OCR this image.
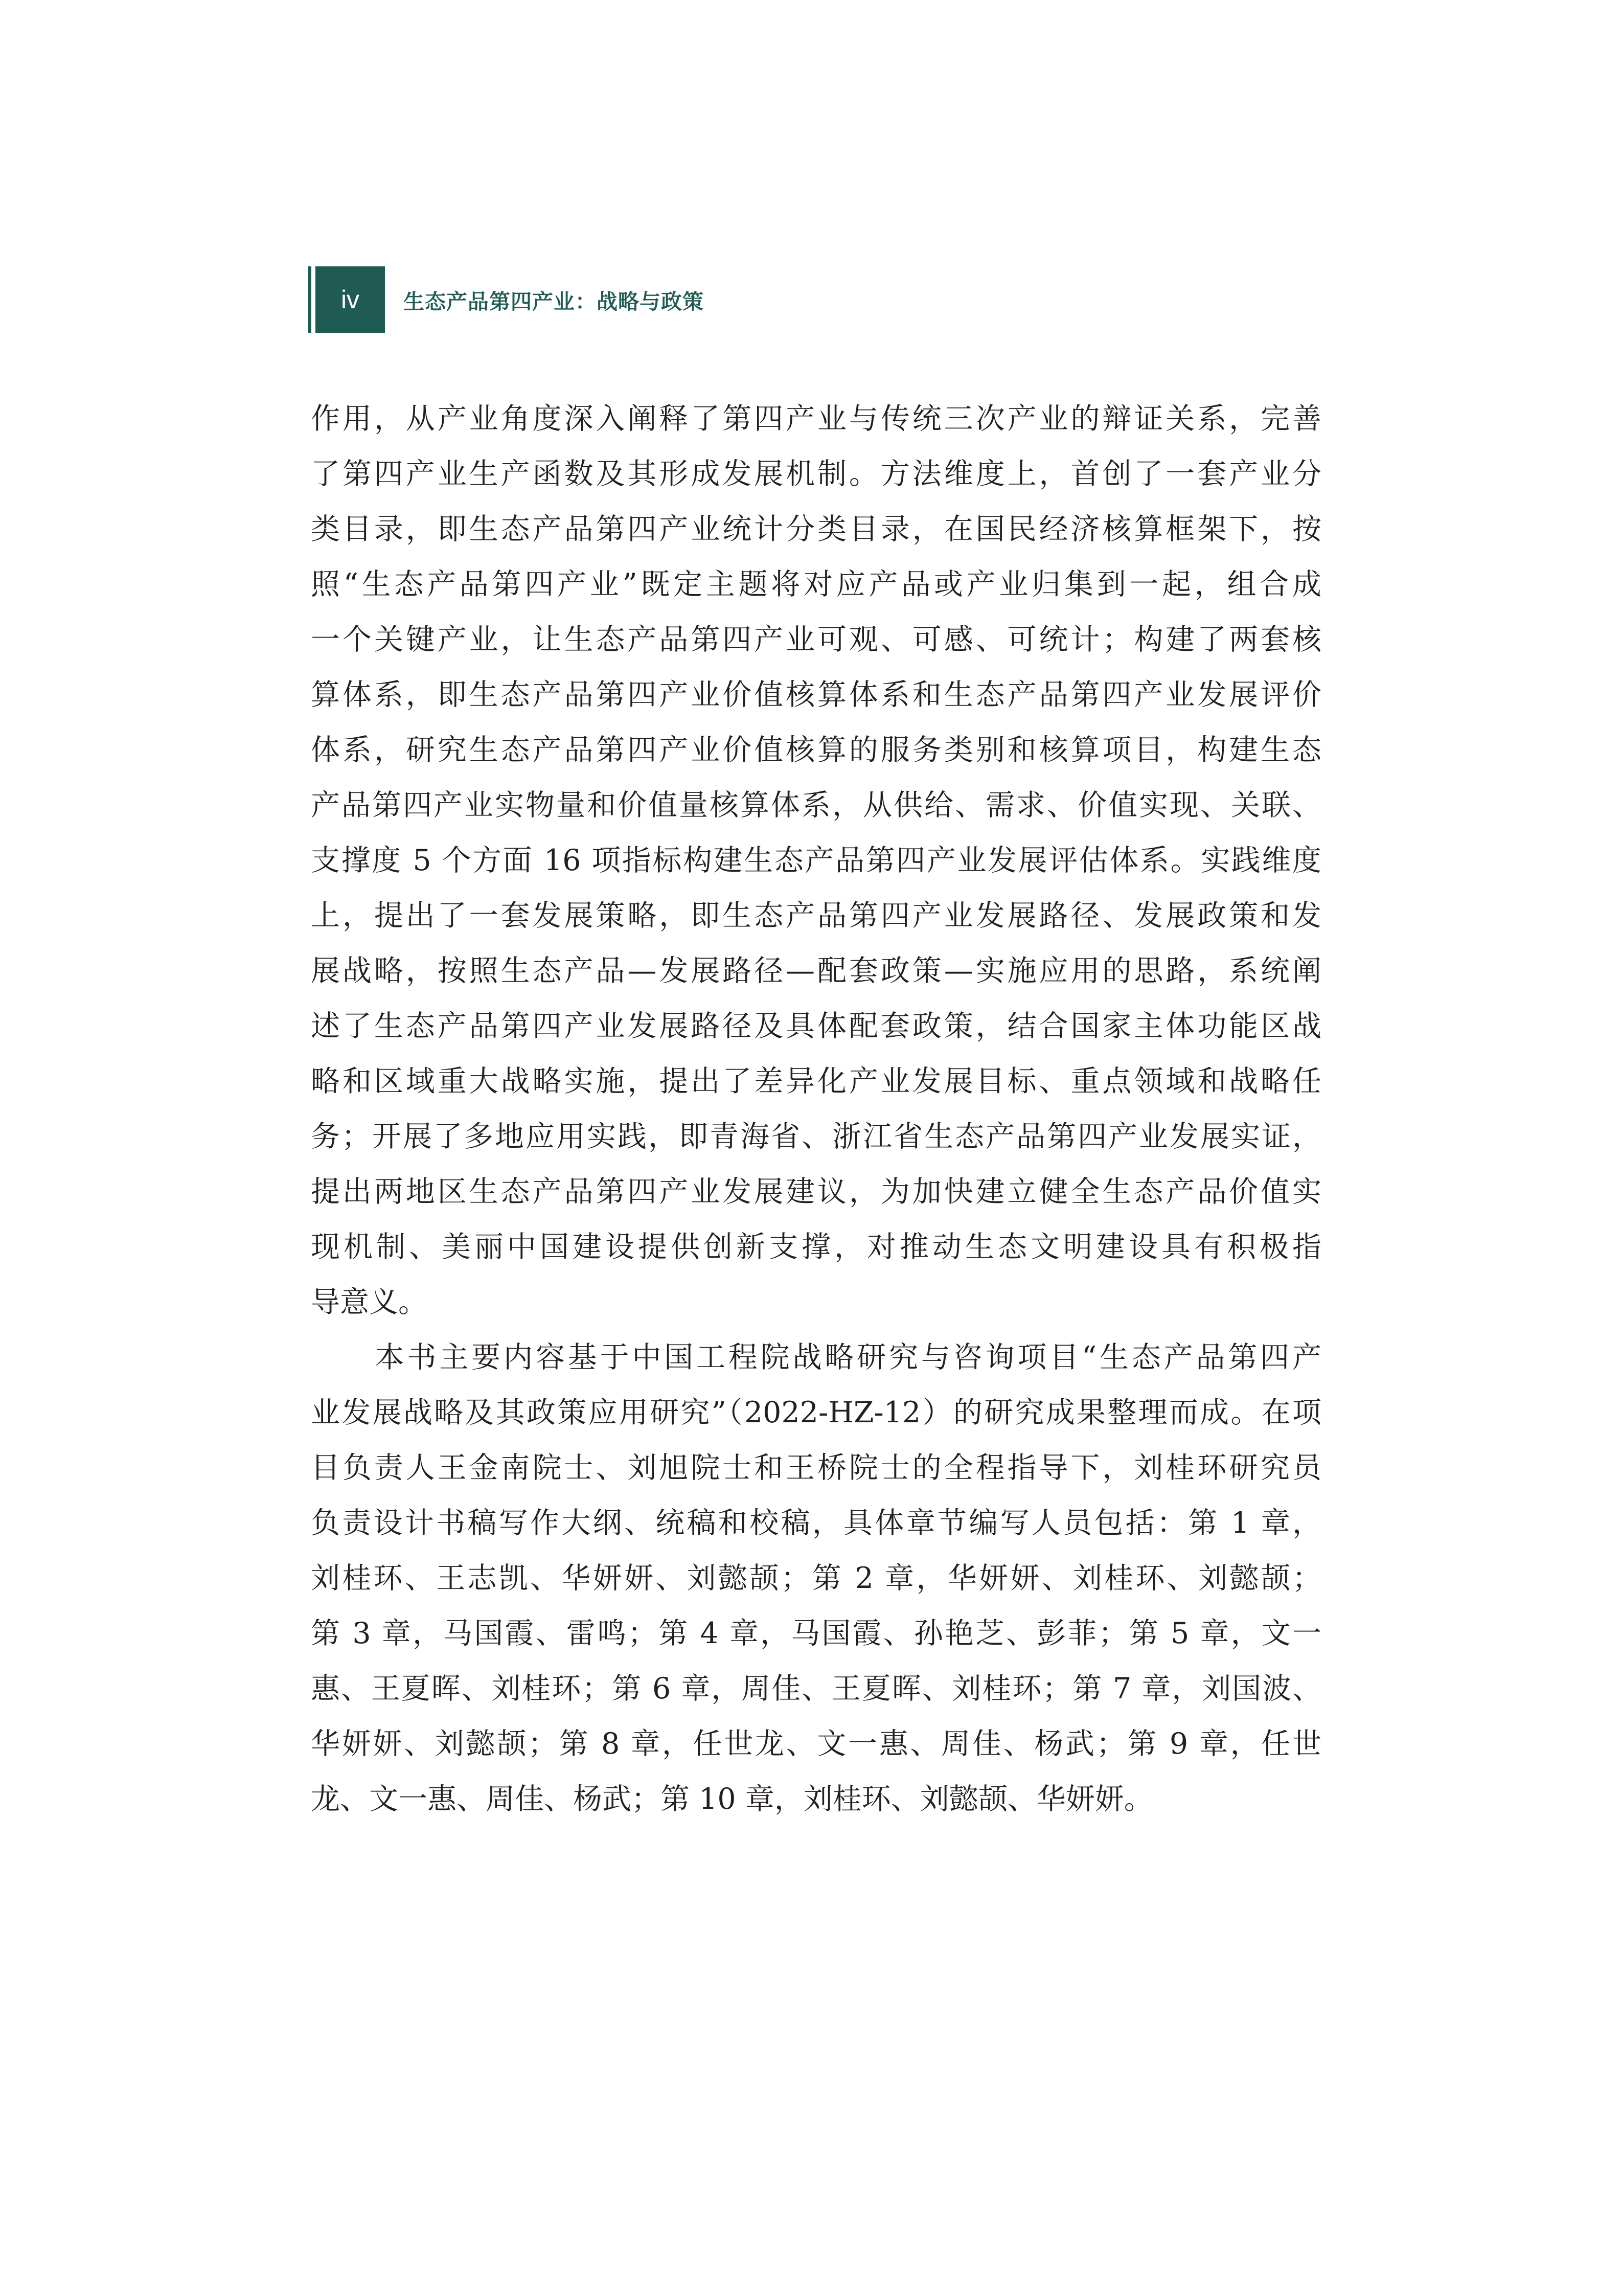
iv	生态产品第四产业：战略与政策
作用，从产业角度深入阐释了第四产业与传统三次产业的辩证关系，完善
了第四产业生产函数及其形成发展机制。方法维度上，首创了一套产业分
类目录，即生态产品第四产业统计分类目录，在国民经济核算框架下，按
照“生态产品第四产业”既定主题将对应产品或产业归集到一起，组合成
一个关键产业，让生态产品第四产业可观、可感、可统计；构建了两套核
算体系，即生态产品第四产业价值核算体系和生态产品第四产业发展评价
体系，研究生态产品第四产业价值核算的服务类别和核算项目，构建生态
产品第四产业实物量和价值量核算体系，从供给、需求、价值实现、关联、
支撑度 5 个方面 16 项指标构建生态产品第四产业发展评估体系。实践维度
上，提出了一套发展策略，即生态产品第四产业发展路径、发展政策和发
展战略，按照生态产品—发展路径—配套政策—实施应用的思路，系统阐
述了生态产品第四产业发展路径及具体配套政策，结合国家主体功能区战
略和区域重大战略实施，提出了差异化产业发展目标、重点领域和战略任
务；开展了多地应用实践，即青海省、浙江省生态产品第四产业发展实证，
提出两地区生态产品第四产业发展建议，为加快建立健全生态产品价值实
现机制、美丽中国建设提供创新支撑，对推动生态文明建设具有积极指
导意义。
　　本书主要内容基于中国工程院战略研究与咨询项目“生态产品第四产
业发展战略及其政策应用研究”（2022-HZ-12）的研究成果整理而成。在项
目负责人王金南院士、刘旭院士和王桥院士的全程指导下，刘桂环研究员
负责设计书稿写作大纲、统稿和校稿，具体章节编写人员包括：第 1 章，
刘桂环、王志凯、华妍妍、刘懿颉；第 2 章，华妍妍、刘桂环、刘懿颉；
第 3 章，马国霞、雷鸣；第 4 章，马国霞、孙艳芝、彭菲；第 5 章，文一
惠、王夏晖、刘桂环；第 6 章，周佳、王夏晖、刘桂环；第 7 章，刘国波、
华妍妍、刘懿颉；第 8 章，任世龙、文一惠、周佳、杨武；第 9 章，任世
龙、文一惠、周佳、杨武；第 10 章，刘桂环、刘懿颉、华妍妍。
